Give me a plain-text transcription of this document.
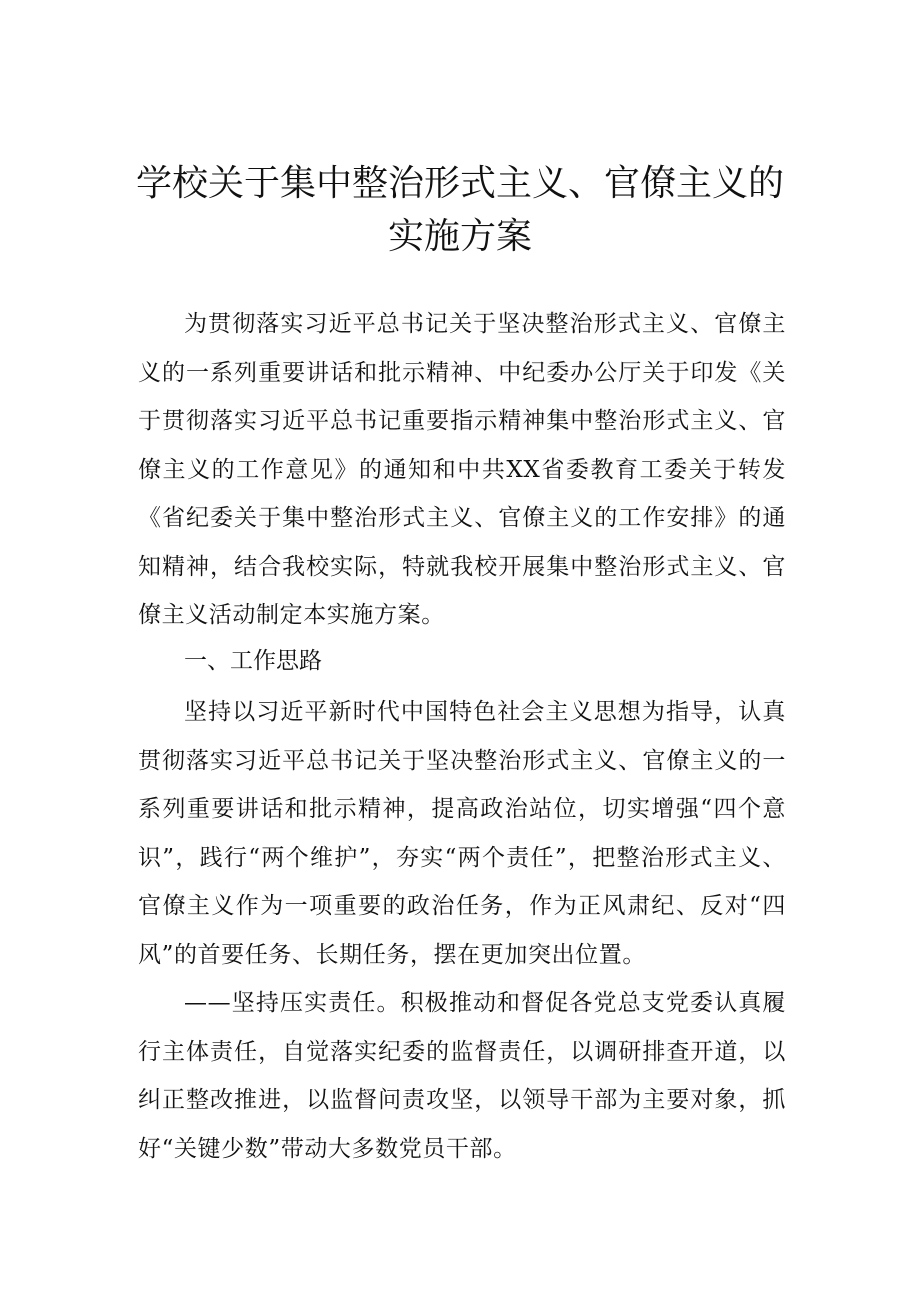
学校关于集中整治形式主义、官僚主义的
实施方案

为贯彻落实习近平总书记关于坚决整治形式主义、官僚主义的一系列重要讲话和批示精神、中纪委办公厅关于印发《关于贯彻落实习近平总书记重要指示精神集中整治形式主义、官僚主义的工作意见》的通知和中共XX省委教育工委关于转发《省纪委关于集中整治形式主义、官僚主义的工作安排》的通知精神，结合我校实际，特就我校开展集中整治形式主义、官僚主义活动制定本实施方案。

一、工作思路

坚持以习近平新时代中国特色社会主义思想为指导，认真贯彻落实习近平总书记关于坚决整治形式主义、官僚主义的一系列重要讲话和批示精神，提高政治站位，切实增强“四个意识”，践行“两个维护”，夯实“两个责任”，把整治形式主义、官僚主义作为一项重要的政治任务，作为正风肃纪、反对“四风”的首要任务、长期任务，摆在更加突出位置。

——坚持压实责任。积极推动和督促各党总支党委认真履行主体责任，自觉落实纪委的监督责任，以调研排查开道，以纠正整改推进，以监督问责攻坚，以领导干部为主要对象，抓好“关键少数”带动大多数党员干部。
